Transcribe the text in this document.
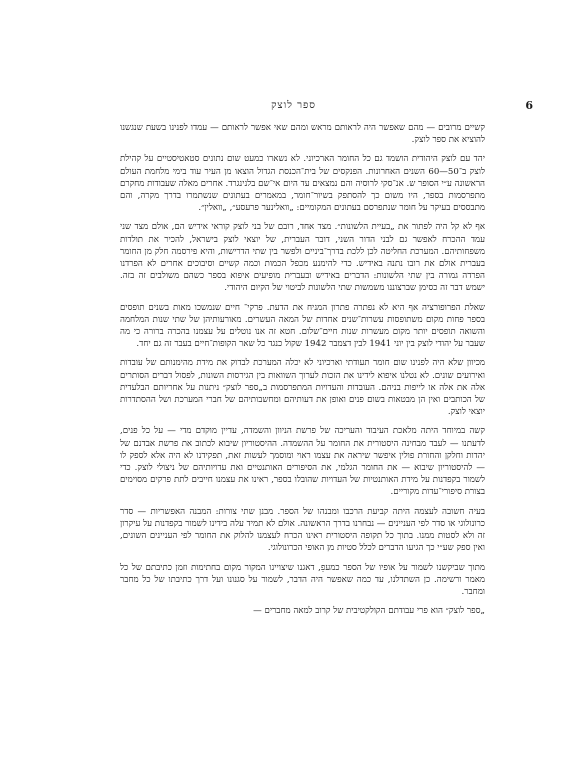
ספר לוצק	6

קשיים מרובים — מהם שאפשר היה לראותם מראש ומהם שאי אפשר לראותם — עמדו לפנינו בשעת שנגשנו להוציא את ספר לוצק.

יהד עם לוצק היהודית הושמד גם כל החומר הארכיוני. לא נשארו כמעט שום נתונים סטאטיסטיים על קהילת לוצק ב־50—60 השנים האחרונות. הפנקסים של בית־הכנסת הגדול הוצאו מן העיר עוד בימי מלחמת העולם הראשונה ע״י הסופר ש. אנ־סקי לרוסיה והם נמצאים עד היום אי־שם בלנינגרד. אחרים מאלה שעבודות מחקרם מתפרסמות בספר, היו משום כך להסתפק בשיור־חומר, במאמרים בעתונים שנשתמרו בדרך מקרה, והם מתבססים בעיקר על חומר שנתפרסם בעתונים המקומיים: „וואלינער פרעסע״, „וואלין״.

אף לא קל היה לפתור את „בעיית הלשונות״. מצד אחד, רובם של בני לוצק קוראי אידיש הם, אולם מצד שני עמד ההכרח לאפשר גם לבני הדור השני, דובר העברית, של יוצאי לוצק בישראל, להכיר את תולדות משפחותיהם. המערכת החליטה לכן ללכת בדרך־ביניים ולפשר בין שתי הדרישות, והיא פירסמה חלק מן החומר בעברית אולם את רובו נתנה באידיש. כדי להימנע מכפל הכמות וכמה קשיים וסיבוכים אחרים לא הפרדנו הפרדה גמורה בין שתי הלשונות: הדברים באידיש ובעברית מופיעים איפוא בספר כשהם משולבים זה בזה. ישמש דבר זה כסימן שברצוננו משמשות שתי הלשונות לביטוי של הקיום היהודי.

שאלת הפרופורציה אף היא לא נפתרה פתרון המניח את הדעת. פרקי־ חיים שנמשכו מאות בשנים תופסים בספר פחות מקום משתופסות עשרות־שנים אחדות של המאה העשרים. מאורעותיהן של שתי שנות המלחמה והשואה תופסים יותר מקום מעשרות שנות חיים־שלום. חטא זה אנו נוטלים על עצמנו בהכרה ברורה כי מה שעבר על יהודי לוצק בין יוני 1941 לבין דצמבר 1942 שקול כנגד כל שאר הקופות־חיים בעבר זה גם יחד.

מכיוון שלא היה לפנינו שום חומר תעודתי וארכיוני לא יכלה המערכת לבדוק את מידת מהימנותם של עובדות ואירועים שונים. לא נטלנו איפוא לידינו את הזכות לערוך השוואות בין הגירסות השונות, לפסול דברים הסותרים אלה את אלה או לייפות בניהם. העובדות והעדויות המתפרסמות ב„ספר לוצק״ ניתנות על אחריותם הבלעדית של הכותבים ואין הן מבטאות בשום פנים ואופן את דעותיהם ומחשבותיהם של חברי המערכת ושל ההסתדרות יוצאי לוצק.

קשה במיוחד היתה מלאכת העיבוד והעריכה של פרשת הניוון והשמדה, עדיין מוקדם מדי — על כל פנים, לדעתנו — לעבד מבחינה היסטורית את החומר על ההשמדה. ההיסטוריון שיבוא לכתוב את פרשת אבדנם של יהדות וחלקן והחורת פולין איפשר שיראה את עצמו ראוי ומוסמך לעשות זאת, תפקידנו לא היה אלא לספק לו — להיסטוריון שיבוא — את החומר הגלמי, את הסיפורים האותנטיים ואת עדויותיהם של ניצולי לוצק. כדי לשמור בקפדנות על מידת האותנטיות של העדויות שהובלו בספר, ראינו את עצמנו חייבים לתת פרקים מסוימים בצורת סיפורי־עדות מקוריים.

בעיה חשובה לעצמה היתה קביעת הרכבו ומבנהו של הספר. מבנן שתי צורות: המבנה האפשריות — סדר כרונולוגי או סדר לפי העניינים — נבחרנו בדרך הראשונה. אולם לא תמיד עלה בידינו לשמור בקפדנות על עיקרון זה ולא לסטות ממנו. בתוך כל תקופה היסטורית ראינו הכרח לעצמנו להלוק את החומר לפי העניינים השונים, ואין ספק שע״י כך הגיעו הדברים לכלל סטיות מן האופי הכרונולוגי.

מתוך שביקשנו לשמור על אופיו של הספר כמעפֵ, דאגנו שיצויינו המקור מקום בחתימות וזמן כתיבתם של כל מאמר ורשימה. כן השתדלנו, עד כמה שאפשר היה הדבר, לשמור על סגנונו ועל דרך כתיבתו של כל מחבר ומחבר.

„ספר לוצק״ הוא פרי עבודתם הקולקטיבית של קרוב למאה מחברים —
